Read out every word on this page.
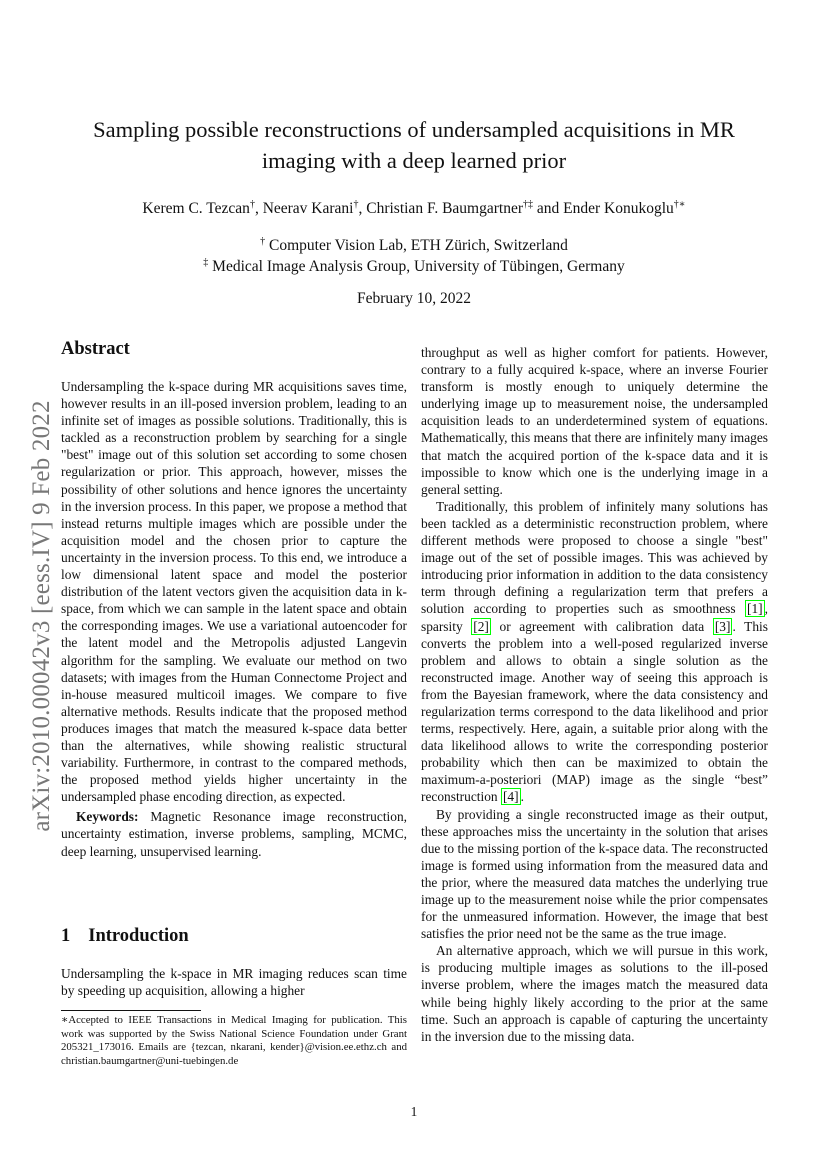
Sampling possible reconstructions of undersampled acquisitions in MR imaging with a deep learned prior
Kerem C. Tezcan†, Neerav Karani†, Christian F. Baumgartner†‡ and Ender Konukoglu†∗
† Computer Vision Lab, ETH Zürich, Switzerland
‡ Medical Image Analysis Group, University of Tübingen, Germany
February 10, 2022
arXiv:2010.00042v3 [eess.IV] 9 Feb 2022
Abstract

Undersampling the k-space during MR acquisitions saves time, however results in an ill-posed inversion problem, leading to an infinite set of images as possible solutions. Traditionally, this is tackled as a reconstruction problem by searching for a single "best" image out of this solution set according to some chosen regularization or prior. This approach, however, misses the possibility of other solutions and hence ignores the uncertainty in the inversion process. In this paper, we propose a method that instead returns multiple images which are possible under the acquisition model and the chosen prior to capture the uncertainty in the inversion process. To this end, we introduce a low dimensional latent space and model the posterior distribution of the latent vectors given the acquisition data in k-space, from which we can sample in the latent space and obtain the corresponding images. We use a variational autoencoder for the latent model and the Metropolis adjusted Langevin algorithm for the sampling. We evaluate our method on two datasets; with images from the Human Connectome Project and in-house measured multicoil images. We compare to five alternative methods. Results indicate that the proposed method produces images that match the measured k-space data better than the alternatives, while showing realistic structural variability. Furthermore, in contrast to the compared methods, the proposed method yields higher uncertainty in the undersampled phase encoding direction, as expected.

Keywords: Magnetic Resonance image reconstruction, uncertainty estimation, inverse problems, sampling, MCMC, deep learning, unsupervised learning.

1 Introduction

Undersampling the k-space in MR imaging reduces scan time by speeding up acquisition, allowing a higher

∗Accepted to IEEE Transactions in Medical Imaging for publication. This work was supported by the Swiss National Science Foundation under Grant 205321_173016. Emails are {tezcan, nkarani, kender}@vision.ee.ethz.ch and christian.baumgartner@uni-tuebingen.de

throughput as well as higher comfort for patients. However, contrary to a fully acquired k-space, where an inverse Fourier transform is mostly enough to uniquely determine the underlying image up to measurement noise, the undersampled acquisition leads to an underdetermined system of equations. Mathematically, this means that there are infinitely many images that match the acquired portion of the k-space data and it is impossible to know which one is the underlying image in a general setting.

Traditionally, this problem of infinitely many solutions has been tackled as a deterministic reconstruction problem, where different methods were proposed to choose a single "best" image out of the set of possible images. This was achieved by introducing prior information in addition to the data consistency term through defining a regularization term that prefers a solution according to properties such as smoothness [1] , sparsity [2] or agreement with calibration data [3] . This converts the problem into a well-posed regularized inverse problem and allows to obtain a single solution as the reconstructed image. Another way of seeing this approach is from the Bayesian framework, where the data consistency and regularization terms correspond to the data likelihood and prior terms, respectively. Here, again, a suitable prior along with the data likelihood allows to write the corresponding posterior probability which then can be maximized to obtain the maximum-a-posteriori (MAP) image as the single “best” reconstruction [4] .

By providing a single reconstructed image as their output, these approaches miss the uncertainty in the solution that arises due to the missing portion of the k-space data. The reconstructed image is formed using information from the measured data and the prior, where the measured data matches the underlying true image up to the measurement noise while the prior compensates for the unmeasured information. However, the image that best satisfies the prior need not be the same as the true image.

An alternative approach, which we will pursue in this work, is producing multiple images as solutions to the ill-posed inverse problem, where the images match the measured data while being highly likely according to the prior at the same time. Such an approach is capable of capturing the uncertainty in the inversion due to the missing data.

1
